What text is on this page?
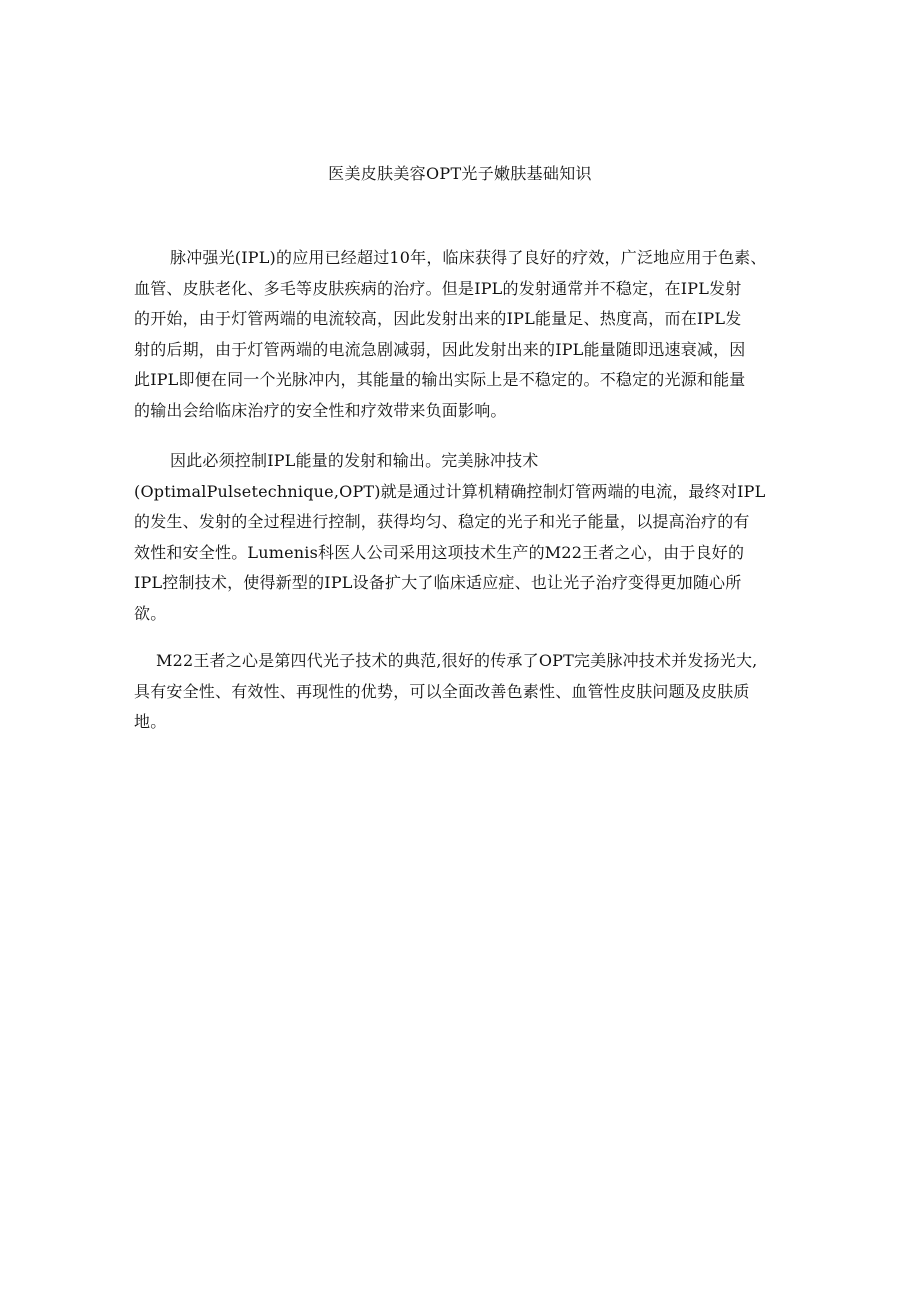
医美皮肤美容OPT光子嫩肤基础知识
脉冲强光(IPL)的应用已经超过10年，临床获得了良好的疗效，广泛地应用于色素、
血管、皮肤老化、多毛等皮肤疾病的治疗。但是IPL的发射通常并不稳定，在IPL发射
的开始，由于灯管两端的电流较高，因此发射出来的IPL能量足、热度高，而在IPL发
射的后期，由于灯管两端的电流急剧减弱，因此发射出来的IPL能量随即迅速衰减，因
此IPL即便在同一个光脉冲内，其能量的输出实际上是不稳定的。不稳定的光源和能量
的输出会给临床治疗的安全性和疗效带来负面影响。
因此必须控制IPL能量的发射和输出。完美脉冲技术
(OptimalPulsetechnique,OPT)就是通过计算机精确控制灯管两端的电流，最终对IPL
的发生、发射的全过程进行控制，获得均匀、稳定的光子和光子能量，以提高治疗的有
效性和安全性。Lumenis科医人公司采用这项技术生产的M22王者之心，由于良好的
IPL控制技术，使得新型的IPL设备扩大了临床适应症、也让光子治疗变得更加随心所
欲。
M22王者之心是第四代光子技术的典范,很好的传承了OPT完美脉冲技术并发扬光大,
具有安全性、有效性、再现性的优势，可以全面改善色素性、血管性皮肤问题及皮肤质
地。
